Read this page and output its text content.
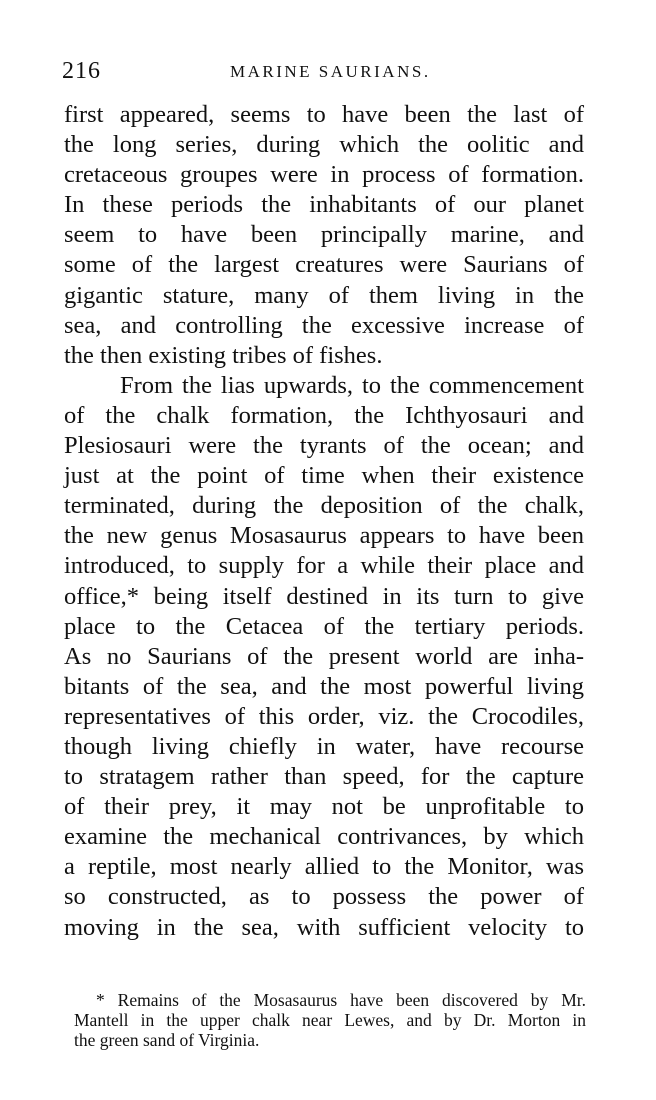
216	MARINE SAURIANS.
first appeared, seems to have been the last of
the long series, during which the oolitic and
cretaceous groupes were in process of formation.
In these periods the inhabitants of our planet
seem to have been principally marine, and
some of the largest creatures were Saurians of
gigantic stature, many of them living in the
sea, and controlling the excessive increase of
the then existing tribes of fishes.
From the lias upwards, to the commencement
of the chalk formation, the Ichthyosauri and
Plesiosauri were the tyrants of the ocean; and
just at the point of time when their existence
terminated, during the deposition of the chalk,
the new genus Mosasaurus appears to have been
introduced, to supply for a while their place and
office,* being itself destined in its turn to give
place to the Cetacea of the tertiary periods.
As no Saurians of the present world are inha-
bitants of the sea, and the most powerful living
representatives of this order, viz. the Crocodiles,
though living chiefly in water, have recourse
to stratagem rather than speed, for the capture
of their prey, it may not be unprofitable to
examine the mechanical contrivances, by which
a reptile, most nearly allied to the Monitor, was
so constructed, as to possess the power of
moving in the sea, with sufficient velocity to
* Remains of the Mosasaurus have been discovered by Mr.
Mantell in the upper chalk near Lewes, and by Dr. Morton in
the green sand of Virginia.
